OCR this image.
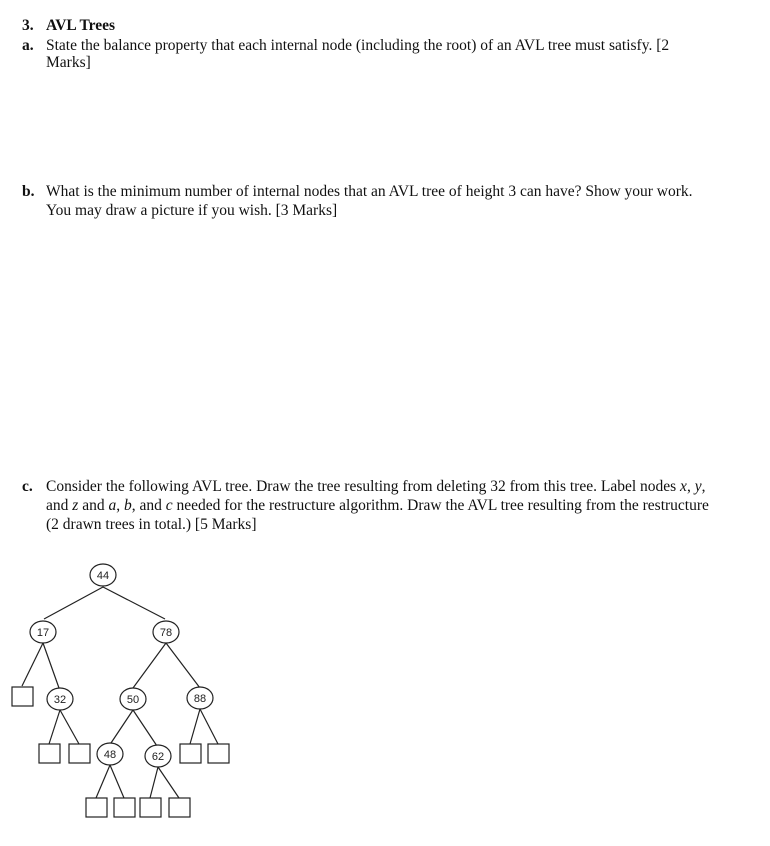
3. AVL Trees
a. State the balance property that each internal node (including the root) of an AVL tree must satisfy. [2
Marks]
b. What is the minimum number of internal nodes that an AVL tree of height 3 can have? Show your work.
You may draw a picture if you wish. [3 Marks]
c. Consider the following AVL tree. Draw the tree resulting from deleting 32 from this tree. Label nodes x, y,
and z and a, b, and c needed for the restructure algorithm. Draw the AVL tree resulting from the restructure
(2 drawn trees in total.) [5 Marks]
44
17	78
32	50	88
48	62
